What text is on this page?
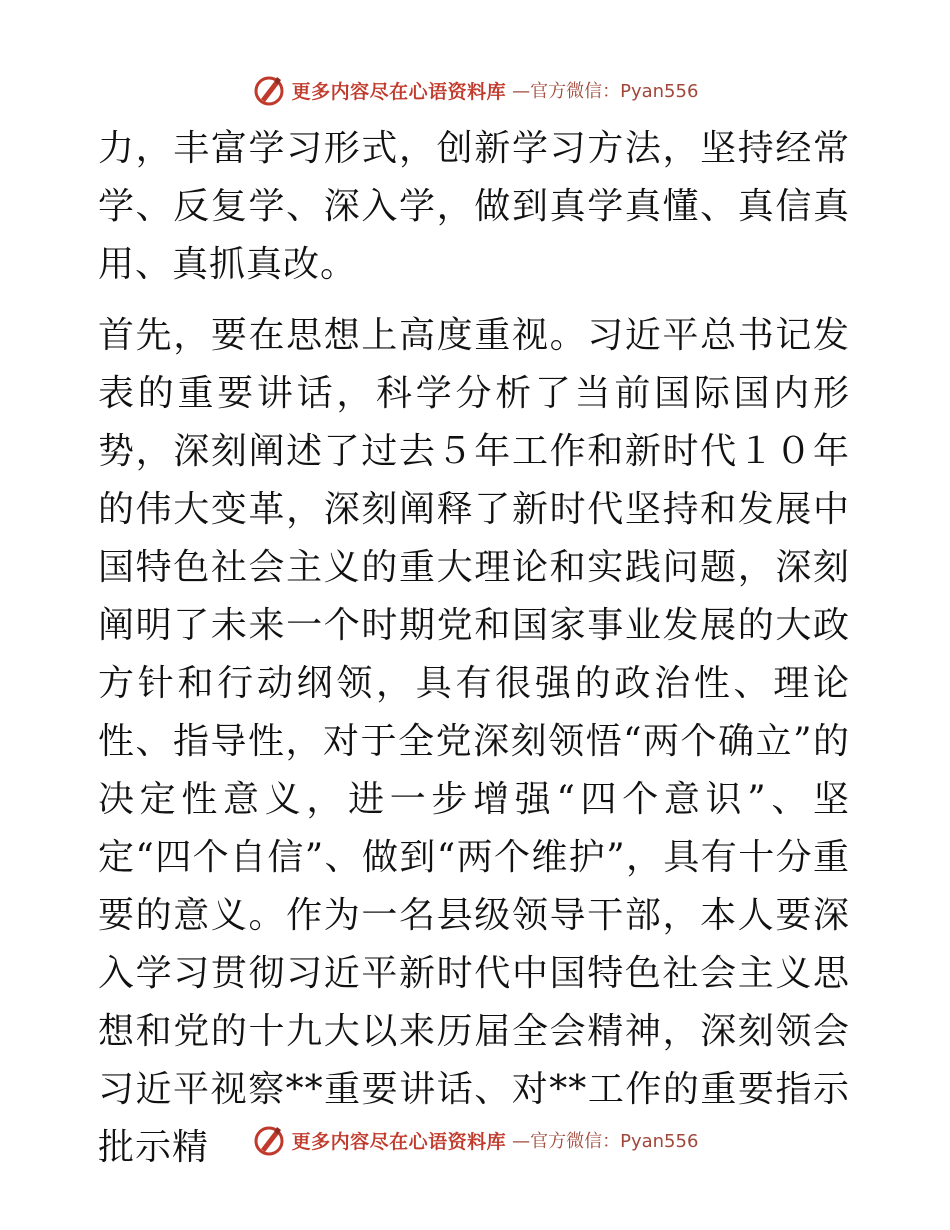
更多内容尽在心语资料库 —官方微信：Pyan556

力，丰富学习形式，创新学习方法，坚持经常学、反复学、深入学，做到真学真懂、真信真用、真抓真改。

首先，要在思想上高度重视。习近平总书记发表的重要讲话，科学分析了当前国际国内形势，深刻阐述了过去５年工作和新时代１０年的伟大变革，深刻阐释了新时代坚持和发展中国特色社会主义的重大理论和实践问题，深刻阐明了未来一个时期党和国家事业发展的大政方针和行动纲领，具有很强的政治性、理论性、指导性，对于全党深刻领悟“两个确立”的决定性意义，进一步增强“四个意识”、坚定“四个自信”、做到“两个维护”，具有十分重要的意义。作为一名县级领导干部，本人要深入学习贯彻习近平新时代中国特色社会主义思想和党的十九大以来历届全会精神，深刻领会习近平视察**重要讲话、对**工作的重要指示批示精	更多内容尽在心语资料库 —官方微信：Pyan556
